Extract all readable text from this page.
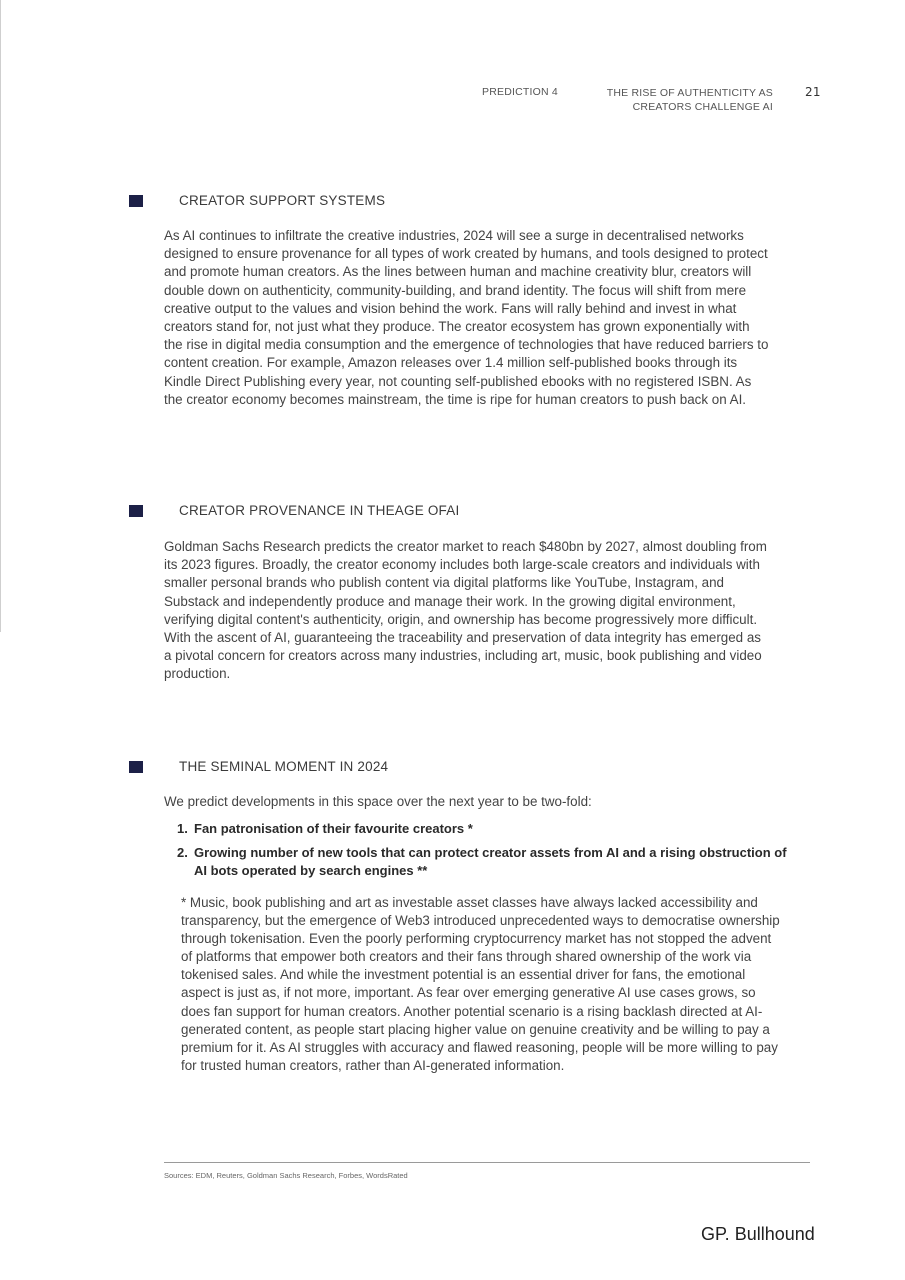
PREDICTION 4	THE RISE OF AUTHENTICITY AS
CREATORS CHALLENGE AI
21
CREATOR SUPPORT SYSTEMS

As AI continues to infiltrate the creative industries, 2024 will see a surge in decentralised networks designed to ensure provenance for all types of work created by humans, and tools designed to protect and promote human creators. As the lines between human and machine creativity blur, creators will double down on authenticity, community-building, and brand identity. The focus will shift from mere creative output to the values and vision behind the work. Fans will rally behind and invest in what creators stand for, not just what they produce. The creator ecosystem has grown exponentially with the rise in digital media consumption and the emergence of technologies that have reduced barriers to content creation. For example, Amazon releases over 1.4 million self-published books through its Kindle Direct Publishing every year, not counting self-published ebooks with no registered ISBN. As the creator economy becomes mainstream, the time is ripe for human creators to push back on AI.

CREATOR PROVENANCE IN THEAGE OFAI

Goldman Sachs Research predicts the creator market to reach $480bn by 2027, almost doubling from its 2023 figures. Broadly, the creator economy includes both large-scale creators and individuals with smaller personal brands who publish content via digital platforms like YouTube, Instagram, and Substack and independently produce and manage their work. In the growing digital environment, verifying digital content's authenticity, origin, and ownership has become progressively more difficult. With the ascent of AI, guaranteeing the traceability and preservation of data integrity has emerged as a pivotal concern for creators across many industries, including art, music, book publishing and video production.

THE SEMINAL MOMENT IN 2024
We predict developments in this space over the next year to be two-fold:
1. Fan patronisation of their favourite creators *
2. Growing number of new tools that can protect creator assets from AI and a rising obstruction of AI bots operated by search engines **

* Music, book publishing and art as investable asset classes have always lacked accessibility and transparency, but the emergence of Web3 introduced unprecedented ways to democratise ownership through tokenisation. Even the poorly performing cryptocurrency market has not stopped the advent of platforms that empower both creators and their fans through shared ownership of the work via tokenised sales. And while the investment potential is an essential driver for fans, the emotional aspect is just as, if not more, important. As fear over emerging generative AI use cases grows, so does fan support for human creators. Another potential scenario is a rising backlash directed at AI-generated content, as people start placing higher value on genuine creativity and be willing to pay a premium for it. As AI struggles with accuracy and flawed reasoning, people will be more willing to pay for trusted human creators, rather than AI-generated information.

Sources: EDM, Reuters, Goldman Sachs Research, Forbes, WordsRated
GP. Bullhound
